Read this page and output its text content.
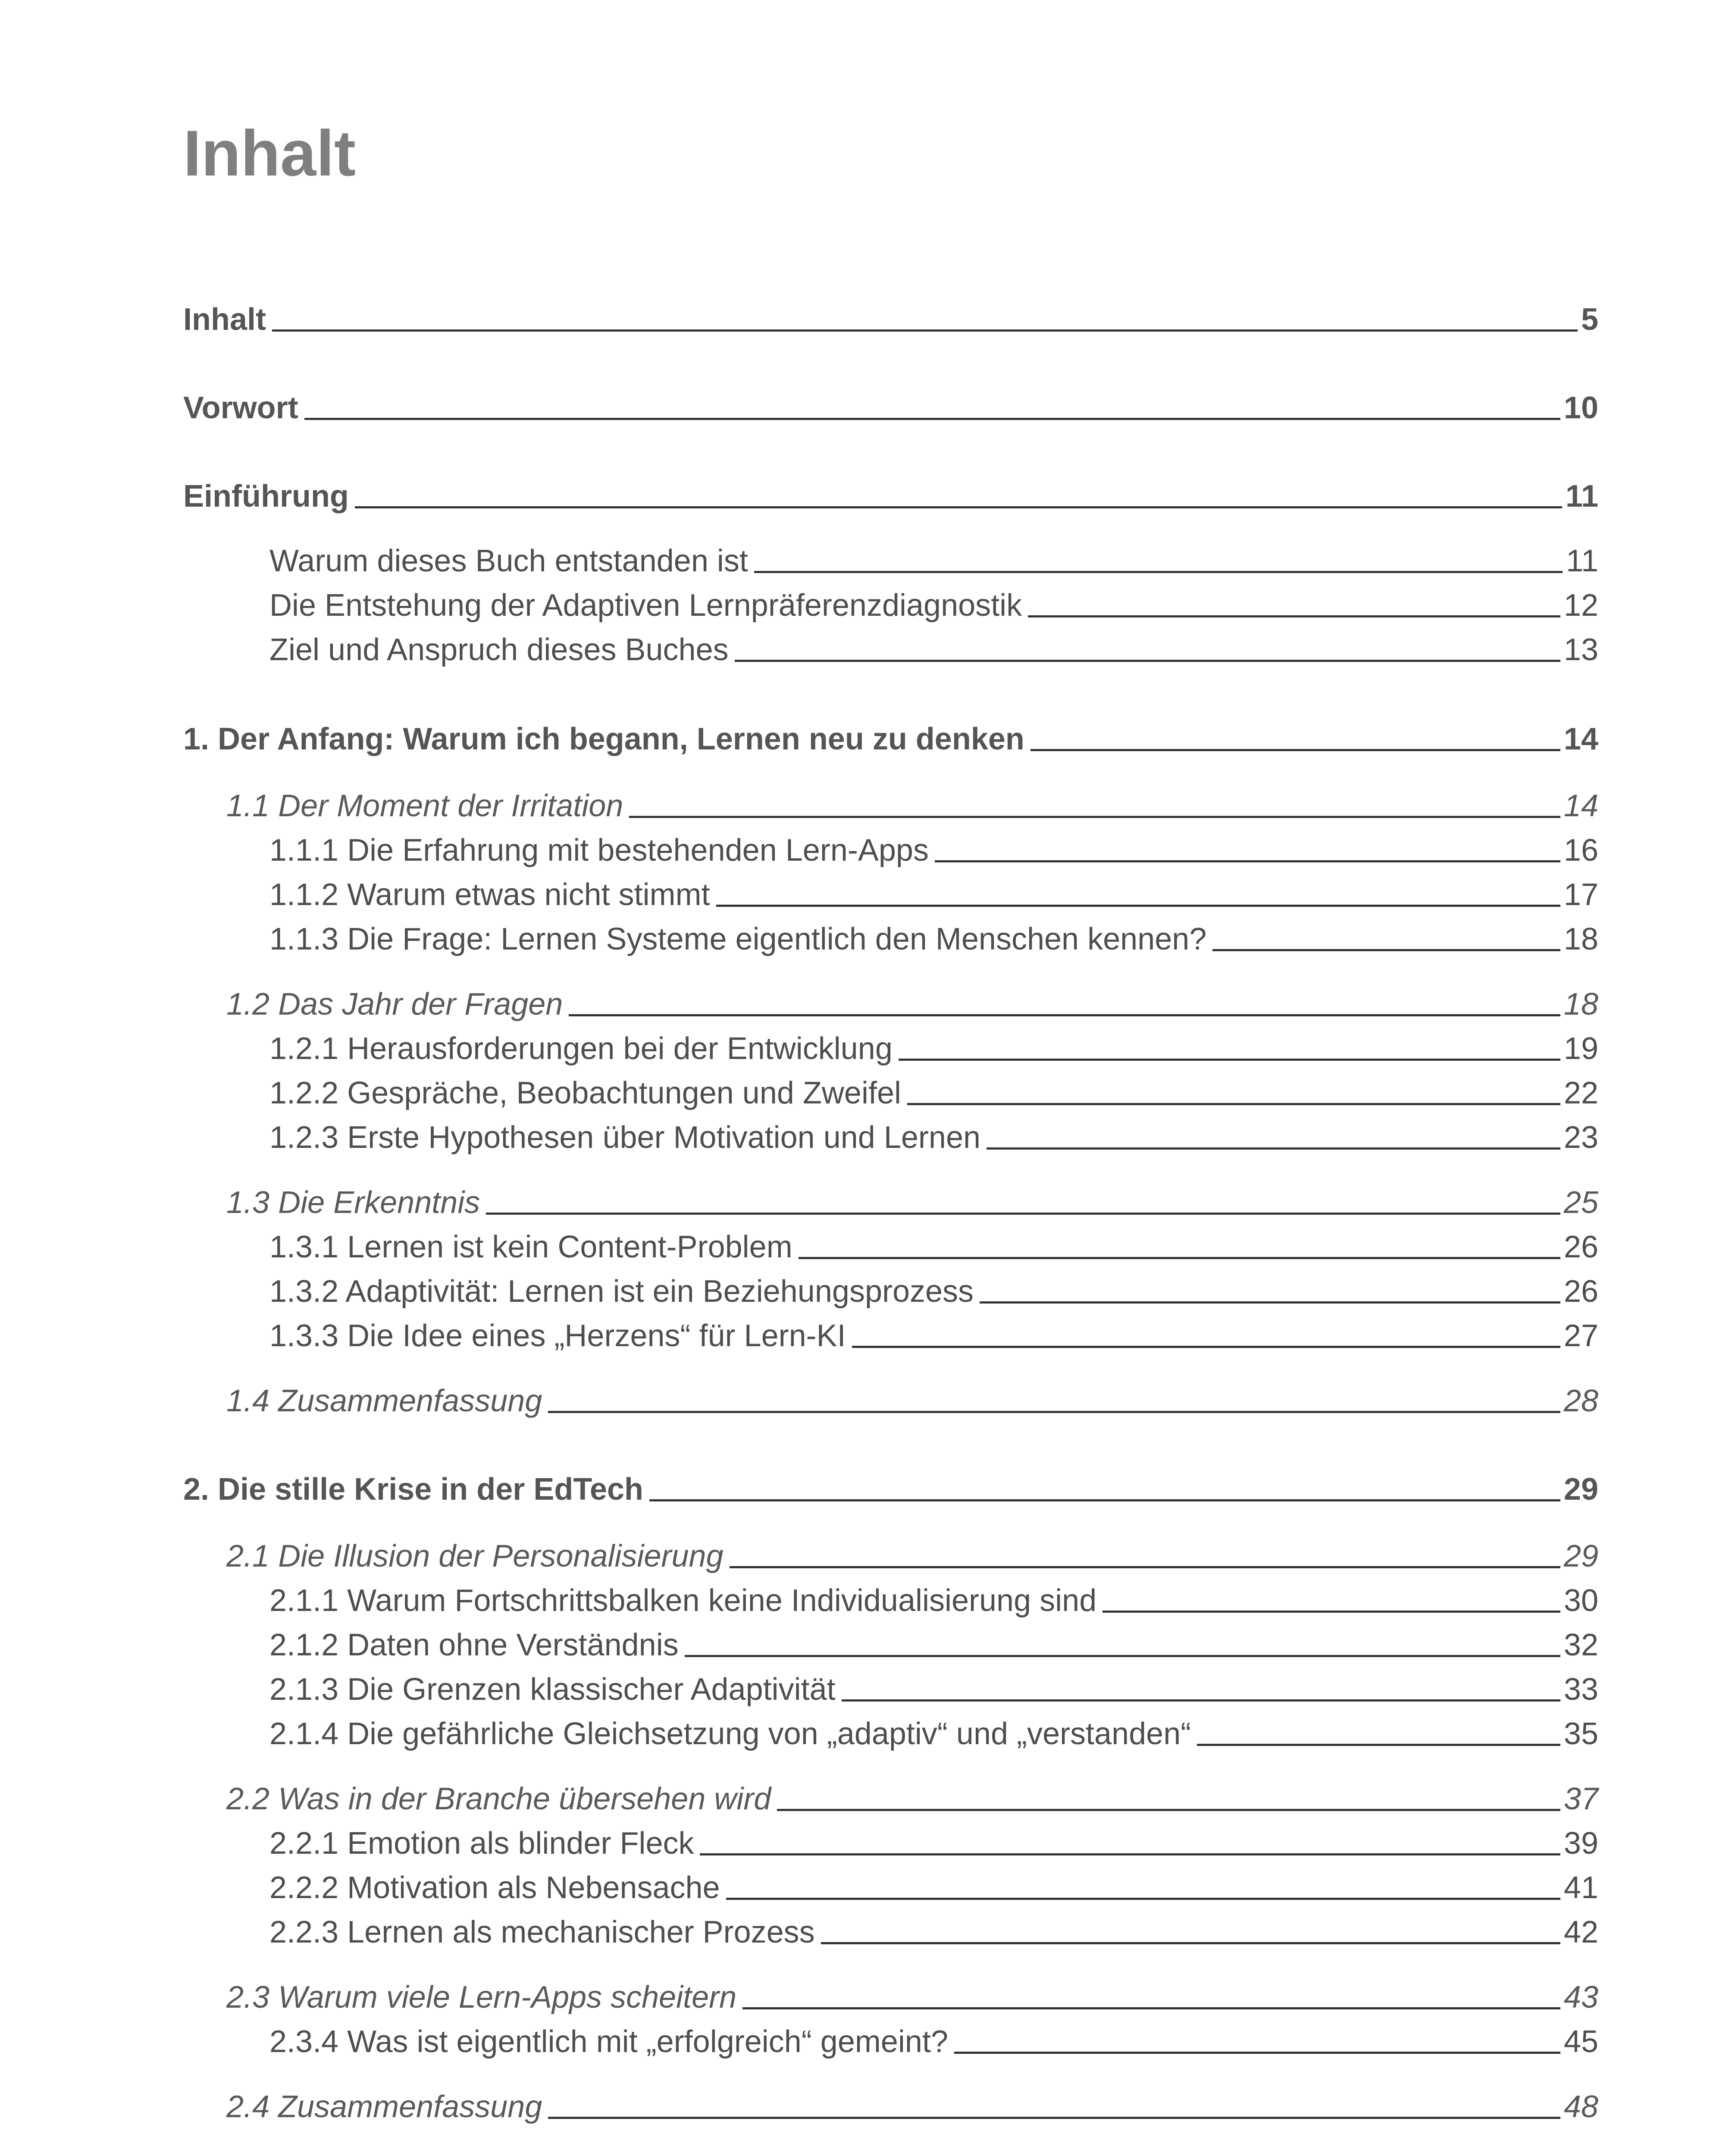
Inhalt
Inhalt	5
Vorwort	10
Einführung	11
Warum dieses Buch entstanden ist	11
Die Entstehung der Adaptiven Lernpräferenzdiagnostik	12
Ziel und Anspruch dieses Buches	13
1. Der Anfang: Warum ich begann, Lernen neu zu denken	14
1.1 Der Moment der Irritation	14
1.1.1 Die Erfahrung mit bestehenden Lern-Apps	16
1.1.2 Warum etwas nicht stimmt	17
1.1.3 Die Frage: Lernen Systeme eigentlich den Menschen kennen?	18
1.2 Das Jahr der Fragen	18
1.2.1 Herausforderungen bei der Entwicklung	19
1.2.2 Gespräche, Beobachtungen und Zweifel	22
1.2.3 Erste Hypothesen über Motivation und Lernen	23
1.3 Die Erkenntnis	25
1.3.1 Lernen ist kein Content-Problem	26
1.3.2 Adaptivität: Lernen ist ein Beziehungsprozess	26
1.3.3 Die Idee eines „Herzens“ für Lern-KI	27
1.4 Zusammenfassung	28
2. Die stille Krise in der EdTech	29
2.1 Die Illusion der Personalisierung	29
2.1.1 Warum Fortschrittsbalken keine Individualisierung sind	30
2.1.2 Daten ohne Verständnis	32
2.1.3 Die Grenzen klassischer Adaptivität	33
2.1.4 Die gefährliche Gleichsetzung von „adaptiv“ und „verstanden“	35
2.2 Was in der Branche übersehen wird	37
2.2.1 Emotion als blinder Fleck	39
2.2.2 Motivation als Nebensache	41
2.2.3 Lernen als mechanischer Prozess	42
2.3 Warum viele Lern-Apps scheitern	43
2.3.4 Was ist eigentlich mit „erfolgreich“ gemeint?	45
2.4 Zusammenfassung	48
